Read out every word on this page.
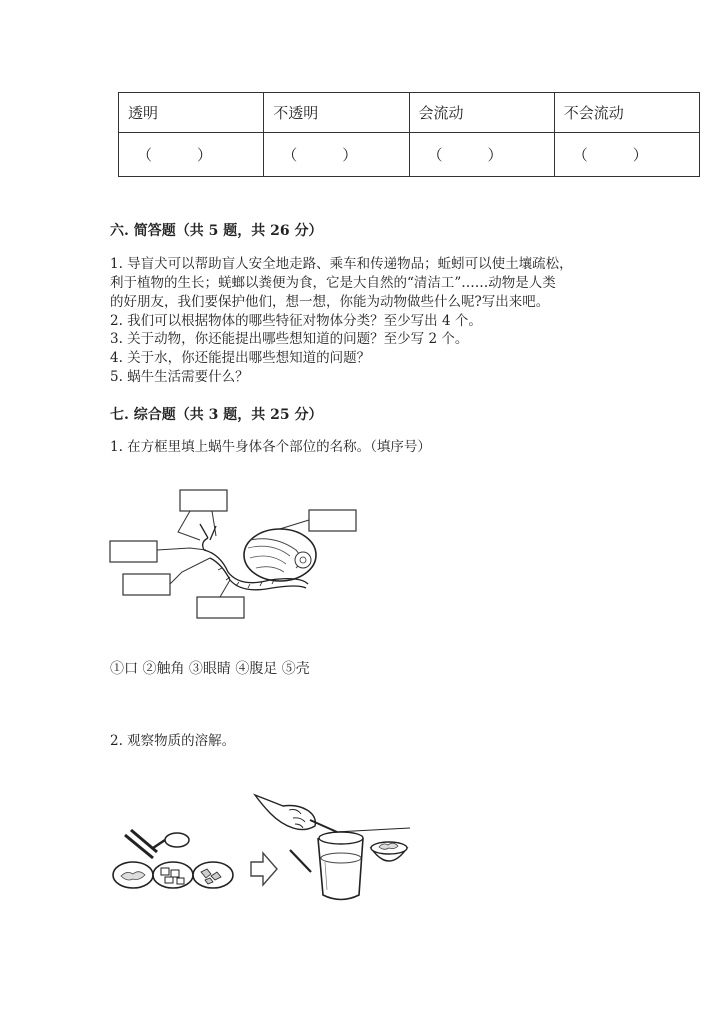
透明	不透明	会流动	不会流动
（　　　）	（　　　）	（　　　）	（　　　）
六. 简答题（共 5 题，共 26 分）
1. 导盲犬可以帮助盲人安全地走路、乘车和传递物品；蚯蚓可以使土壤疏松，
利于植物的生长；蜣螂以粪便为食，它是大自然的“清洁工”……动物是人类
的好朋友，我们要保护他们，想一想，你能为动物做些什么呢?写出来吧。
2. 我们可以根据物体的哪些特征对物体分类？至少写出 4 个。
3. 关于动物，你还能提出哪些想知道的问题？至少写 2 个。
4. 关于水，你还能提出哪些想知道的问题？
5. 蜗牛生活需要什么？
七. 综合题（共 3 题，共 25 分）
1. 在方框里填上蜗牛身体各个部位的名称。（填序号）
①口 ②触角 ③眼睛 ④腹足 ⑤壳
2. 观察物质的溶解。
